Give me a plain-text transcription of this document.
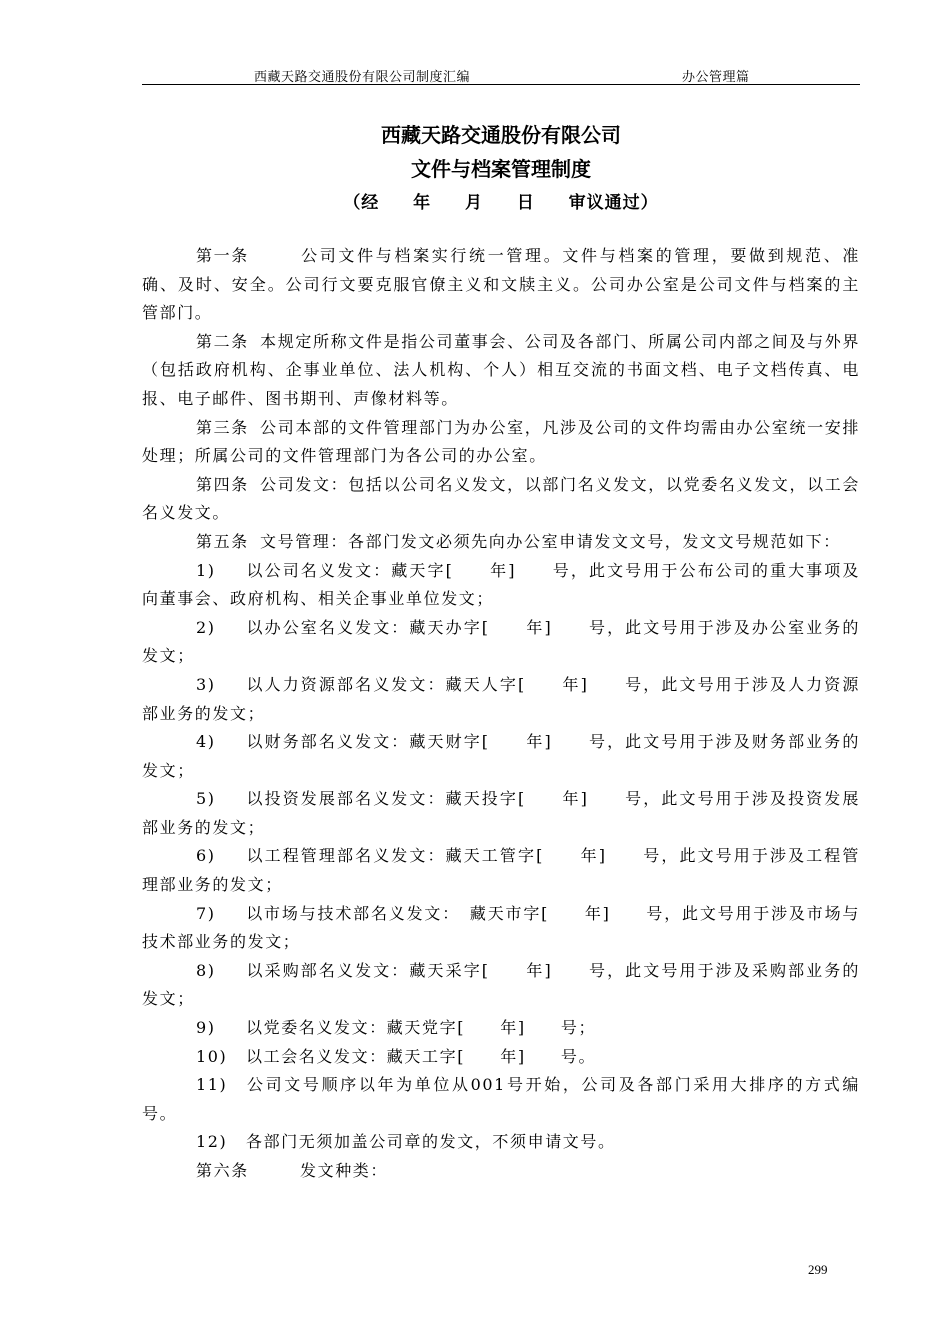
西藏天路交通股份有限公司制度汇编	办公管理篇
西藏天路交通股份有限公司
文件与档案管理制度
（经  年  月  日  审议通过）

第一条	公司文件与档案实行统一管理。文件与档案的管理，要做到规范、准确、及时、安全。公司行文要克服官僚主义和文牍主义。公司办公室是公司文件与档案的主管部门。

第二条 本规定所称文件是指公司董事会、公司及各部门、所属公司内部之间及与外界（包括政府机构、企事业单位、法人机构、个人）相互交流的书面文档、电子文档传真、电报、电子邮件、图书期刊、声像材料等。

第三条 公司本部的文件管理部门为办公室，凡涉及公司的文件均需由办公室统一安排处理；所属公司的文件管理部门为各公司的办公室。

第四条 公司发文：包括以公司名义发文，以部门名义发文，以党委名义发文，以工会名义发文。

第五条 文号管理：各部门发文必须先向办公室申请发文文号，发文文号规范如下：

1) 以公司名义发文：藏天字[　　年]　　号，此文号用于公布公司的重大事项及向董事会、政府机构、相关企事业单位发文；

2) 以办公室名义发文：藏天办字[　　年]　　号，此文号用于涉及办公室业务的发文；

3) 以人力资源部名义发文：藏天人字[　　年]　　号，此文号用于涉及人力资源部业务的发文；

4) 以财务部名义发文：藏天财字[　　年]　　号，此文号用于涉及财务部业务的发文；

5) 以投资发展部名义发文：藏天投字[　　年]　　号，此文号用于涉及投资发展部业务的发文；

6) 以工程管理部名义发文：藏天工管字[　　年]　　号，此文号用于涉及工程管理部业务的发文；

7) 以市场与技术部名义发文：　藏天市字[　　年]　　号，此文号用于涉及市场与技术部业务的发文；

8) 以采购部名义发文：藏天采字[　　年]　　号，此文号用于涉及采购部业务的发文；

9) 以党委名义发文：藏天党字[　　年]　　号；

10) 以工会名义发文：藏天工字[　　年]　　号。

11) 公司文号顺序以年为单位从001号开始，公司及各部门采用大排序的方式编号。

12) 各部门无须加盖公司章的发文，不须申请文号。

第六条	发文种类：

299
